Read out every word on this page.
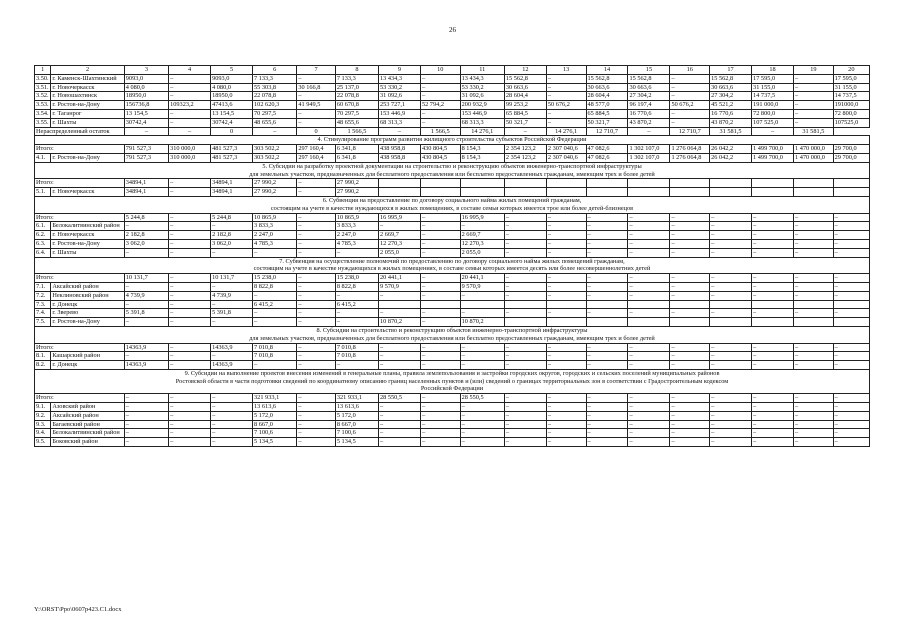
26
1	2	3	4	5	6	7	8	9	10	11	12	13	14	15	16	17	18	19	20
3.50.	г. Каменск-Шахтинский	9093,0	–	9093,0	7 133,3	–	7 133,3	13 434,3	–	13 434,3	15 562,8	–	15 562,8	15 562,8	–	15 562,8	17 595,0	–	17 595,0
3.51.	г. Новочеркасск	4 080,0	–	4 080,0	55 303,8	30 166,8	25 137,0	53 330,2	–	53 330,2	30 663,6	–	30 663,6	30 663,6	–	30 663,6	31 155,0	–	31 155,0
3.52.	г. Новошахтинск	18950,0	–	18950,0	22 078,8	–	22 078,8	31 092,6	–	31 092,6	28 604,4	–	28 604,4	27 304,2	–	27 304,2	14 737,5	–	14 737,5
3.53.	г. Ростов-на-Дону	156736,8	109323,2	47413,6	102 620,3	41 949,5	60 670,8	253 727,1	52 794,2	200 932,9	99 253,2	50 676,2	48 577,0	96 197,4	50 676,2	45 521,2	191 000,0	–	191000,0
3.54.	г. Таганрог	13 154,5	–	13 154,5	70 297,5	–	70 297,5	153 446,9	–	153 446,9	65 884,5	–	65 884,5	16 770,6	–	16 770,6	72 800,0	–	72 800,0
3.55.	г. Шахты	30742,4	–	30742,4	48 655,6	–	48 655,6	68 313,3	–	68 313,3	50 321,7	–	50 321,7	43 870,2	–	43 870,2	107 525,0	–	107525,0
Нераспределенный остаток		–	–	0	–	0	1 566,5	–	1 566,5	14 276,1	–	14 276,1	12 710,7	–	12 710,7	31 581,5	–	31 581,5	

4. Стимулирование программ развития жилищного строительства субъектов Российской Федерации																			

Итого:		791 527,3	310 000,0	481 527,3	303 502,2	297 160,4	6 341,8	438 958,8	430 804,5	8 154,3	2 354 123,2	2 307 040,6	47 082,6	1 302 107,0	1 276 064,8	26 042,2	1 499 700,0	1 470 000,0	29 700,0
4.1.	г. Ростов-на-Дону	791 527,3	310 000,0	481 527,3	303 502,2	297 160,4	6 341,8	438 958,8	430 804,5	8 154,3	2 354 123,2	2 307 040,6	47 082,6	1 302 107,0	1 276 064,8	26 042,2	1 499 700,0	1 470 000,0	29 700,0

5. Субсидии на разработку проектной документации на строительство и реконструкцию объектов инженерно-транспортной инфраструктуры
для земельных участков, предназначенных для бесплатного предоставления или бесплатно предоставленных гражданам, имеющим трех и более детей																			

Итого:		34894,1	–	34894,1	27 990,2	–	27 990,2												
5.1.	г. Новочеркасск	34894,1	–	34894,1	27 990,2	–	27 990,2												

6. Субвенция на предоставление по договору социального найма жилых помещений гражданам,
состоящим на учете в качестве нуждающихся в жилых помещениях, в составе семьи которых имеется трое или более детей-близнецов																			

Итого:		5 244,8	–	5 244,8	10 865,9	–	10 865,9	16 995,9	–	16 995,9	–	–	–	–	–	–	–	–	–
6.1.	Белокалитвинский район	–	–	–	3 833,3	–	3 833,3	–	–	–	–	–	–	–	–	–	–	–	–
6.2.	г. Новочеркасск	2 182,8	–	2 182,8	2 247,0	–	2 247,0	2 669,7	–	2 669,7	–	–	–	–	–	–	–	–	–
6.3.	г. Ростов-на-Дону	3 062,0	–	3 062,0	4 785,3	–	4 785,3	12 270,3	–	12 270,3	–	–	–	–	–	–	–	–	–
6.4.	г. Шахты	–	–	–	–	–	–	2 055,0	–	2 055,0	–	–	–	–	–	–	–	–	–

7. Субвенция на осуществление полномочий по предоставлению по договору социального найма жилых помещений гражданам,
состоящим на учете в качестве нуждающихся в жилых помещениях, в составе семьи которых имеется десять или более несовершеннолетних детей																			

Итого:		10 131,7	–	10 131,7	15 238,0	–	15 238,0	20 441,1	–	20 441,1	–	–	–	–	–	–	–	–	–
7.1.	Аксайский район	–	–	–	8 822,8	–	8 822,8	9 570,9	–	9 570,9	–	–	–	–	–	–	–	–	–
7.2.	Неклиновский район	4 739,9	–	4 739,9	–	–	–	–	–	–	–	–	–	–	–	–	–	–	–
7.3.	г. Донецк	–	–	–	6 415,2	–	6 415,2												
7.4.	г. Зверево	5 391,8	–	5 391,8	–	–	–	–	–	–	–	–	–	–	–	–	–	–	–
7.5.	г. Ростов-на-Дону	–	–	–	–	–	–	10 870,2	–	10 870,2									

8. Субсидии на строительство и реконструкцию объектов инженерно-транспортной инфраструктуры
для земельных участков, предназначенных для бесплатного предоставления или бесплатно предоставленных гражданам, имеющим трех и более детей																			

Итого:		14363,9	–	14363,9	7 010,8	–	7 010,8	–	–	–	–	–	–	–	–	–	–	–	–
8.1.	Кашарский район	–	–	–	7 010,8	–	7 010,8	–	–	–	–	–	–	–	–	–	–	–	–
8.2.	г. Донецк	14363,9	–	14363,9	–	–	–	–	–	–	–	–	–	–	–	–	–	–	–

9. Субсидии на выполнение проектов внесения изменений в генеральные планы, правила землепользования и застройки городских округов, городских и сельских поселений муниципальных районов
Ростовской области в части подготовки сведений по координатному описанию границ населенных пунктов и (или) сведений о границах территориальных зон в соответствии с Градостроительным кодексом
Российской Федерации																			

Итого:		–	–	–	321 933,1	–	321 933,1	28 550,5	–	28 550,5	–	–	–	–	–	–	–	–	–
9.1.	Азовский район	–	–	–	13 613,6	–	13 613,6	–	–	–	–	–	–	–	–	–	–	–	–
9.2.	Аксайский район	–	–	–	5 172,0	–	5 172,0	–	–	–	–	–	–	–	–	–	–	–	–
9.3.	Багаевский район	–	–	–	8 667,0	–	8 667,0	–	–	–	–	–	–	–	–	–	–	–	–
9.4.	Белокалитвинский район	–	–	–	7 100,6	–	7 100,6	–	–	–	–	–	–	–	–	–	–	–	–
9.5.	Боковский район	–	–	–	5 134,5	–	5 134,5	–	–	–	–	–	–	–	–	–	–	–	–
Y:\ORST\Ppo\0607p423.C1.docx
